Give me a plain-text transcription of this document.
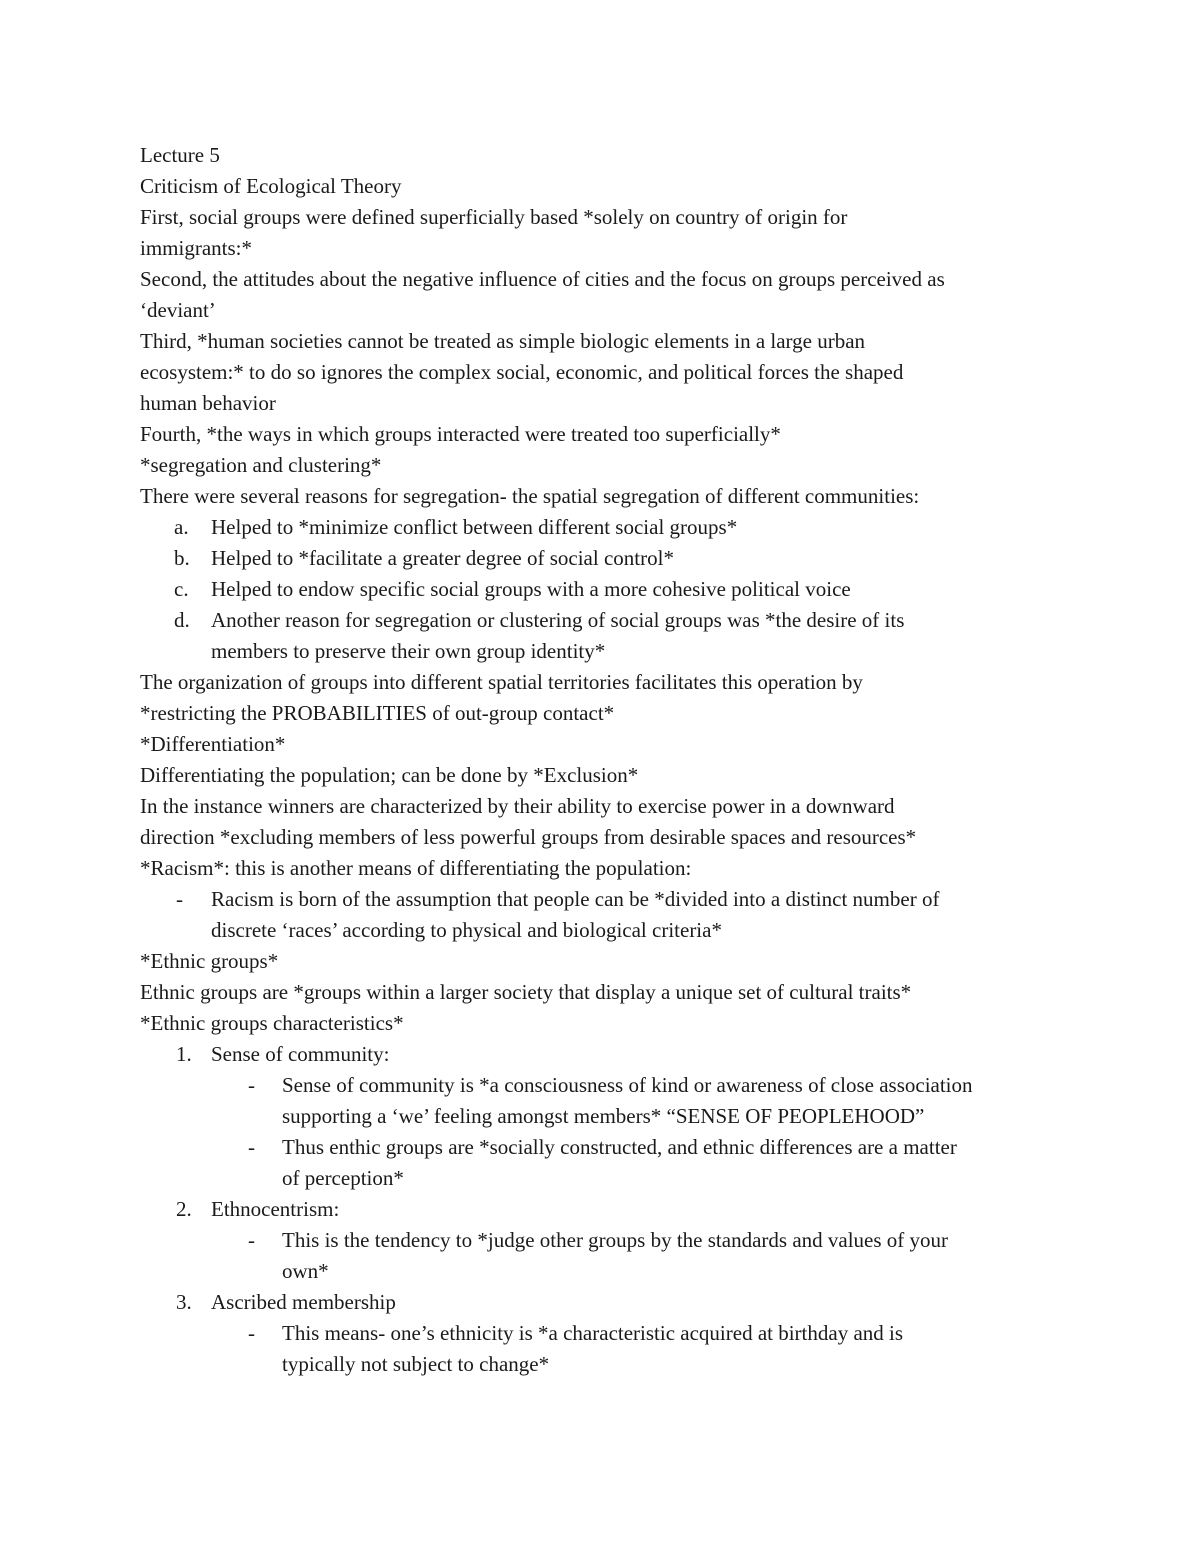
Lecture 5
Criticism of Ecological Theory
First, social groups were defined superficially based *solely on country of origin for
immigrants:*
Second, the attitudes about the negative influence of cities and the focus on groups perceived as
‘deviant’
Third, *human societies cannot be treated as simple biologic elements in a large urban
ecosystem:* to do so ignores the complex social, economic, and political forces the shaped
human behavior
Fourth, *the ways in which groups interacted were treated too superficially*
*segregation and clustering*
There were several reasons for segregation- the spatial segregation of different communities:
a. Helped to *minimize conflict between different social groups*
b. Helped to *facilitate a greater degree of social control*
c. Helped to endow specific social groups with a more cohesive political voice
d. Another reason for segregation or clustering of social groups was *the desire of its
members to preserve their own group identity*
The organization of groups into different spatial territories facilitates this operation by
*restricting the PROBABILITIES of out-group contact*
*Differentiation*
Differentiating the population; can be done by *Exclusion*
In the instance winners are characterized by their ability to exercise power in a downward
direction *excluding members of less powerful groups from desirable spaces and resources*
*Racism*: this is another means of differentiating the population:
- Racism is born of the assumption that people can be *divided into a distinct number of
discrete ‘races’ according to physical and biological criteria*
*Ethnic groups*
Ethnic groups are *groups within a larger society that display a unique set of cultural traits*
*Ethnic groups characteristics*
1. Sense of community:
- Sense of community is *a consciousness of kind or awareness of close association
supporting a ‘we’ feeling amongst members* “SENSE OF PEOPLEHOOD”
- Thus enthic groups are *socially constructed, and ethnic differences are a matter
of perception*
2. Ethnocentrism:
- This is the tendency to *judge other groups by the standards and values of your
own*
3. Ascribed membership
- This means- one’s ethnicity is *a characteristic acquired at birthday and is
typically not subject to change*
